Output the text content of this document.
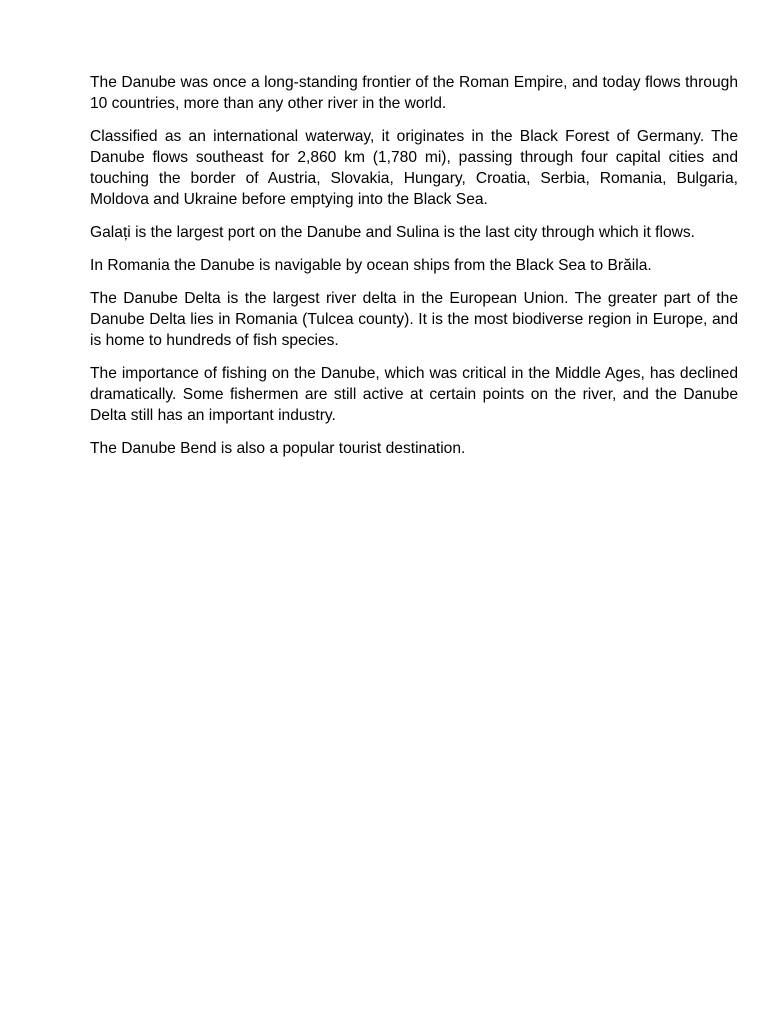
The Danube was once a long-standing frontier of the Roman Empire, and today flows through 10 countries, more than any other river in the world.

Classified as an international waterway, it originates in the Black Forest of Germany. The Danube flows southeast for 2,860 km (1,780 mi), passing through four capital cities and touching the border of Austria, Slovakia, Hungary, Croatia, Serbia, Romania, Bulgaria, Moldova and Ukraine before emptying into the Black Sea.

Galați is the largest port on the Danube and Sulina is the last city through which it flows.

In Romania the Danube is navigable by ocean ships from the Black Sea to Brăila.

The Danube Delta is the largest river delta in the European Union. The greater part of the Danube Delta lies in Romania (Tulcea county). It is the most biodiverse region in Europe, and is home to hundreds of fish species.

The importance of fishing on the Danube, which was critical in the Middle Ages, has declined dramatically. Some fishermen are still active at certain points on the river, and the Danube Delta still has an important industry.

The Danube Bend is also a popular tourist destination.
